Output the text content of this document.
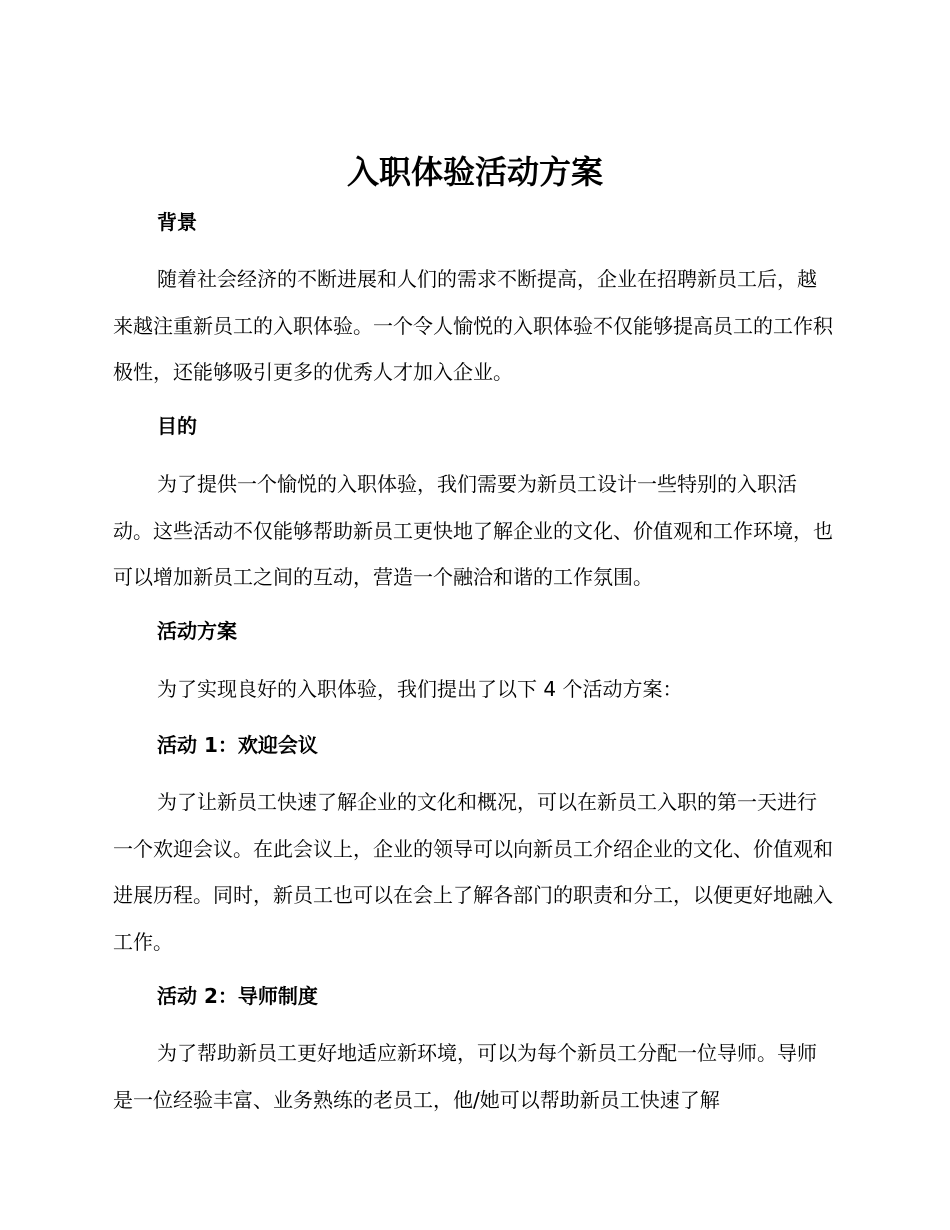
入职体验活动方案
背景

随着社会经济的不断进展和人们的需求不断提高，企业在招聘新员工后，越来越注重新员工的入职体验。一个令人愉悦的入职体验不仅能够提高员工的工作积极性，还能够吸引更多的优秀人才加入企业。

目的

为了提供一个愉悦的入职体验，我们需要为新员工设计一些特别的入职活动。这些活动不仅能够帮助新员工更快地了解企业的文化、价值观和工作环境，也可以增加新员工之间的互动，营造一个融洽和谐的工作氛围。

活动方案
为了实现良好的入职体验，我们提出了以下 4 个活动方案：
活动 1：欢迎会议

为了让新员工快速了解企业的文化和概况，可以在新员工入职的第一天进行一个欢迎会议。在此会议上，企业的领导可以向新员工介绍企业的文化、价值观和进展历程。同时，新员工也可以在会上了解各部门的职责和分工，以便更好地融入工作。

活动 2：导师制度

为了帮助新员工更好地适应新环境，可以为每个新员工分配一位导师。导师是一位经验丰富、业务熟练的老员工，他/她可以帮助新员工快速了解
